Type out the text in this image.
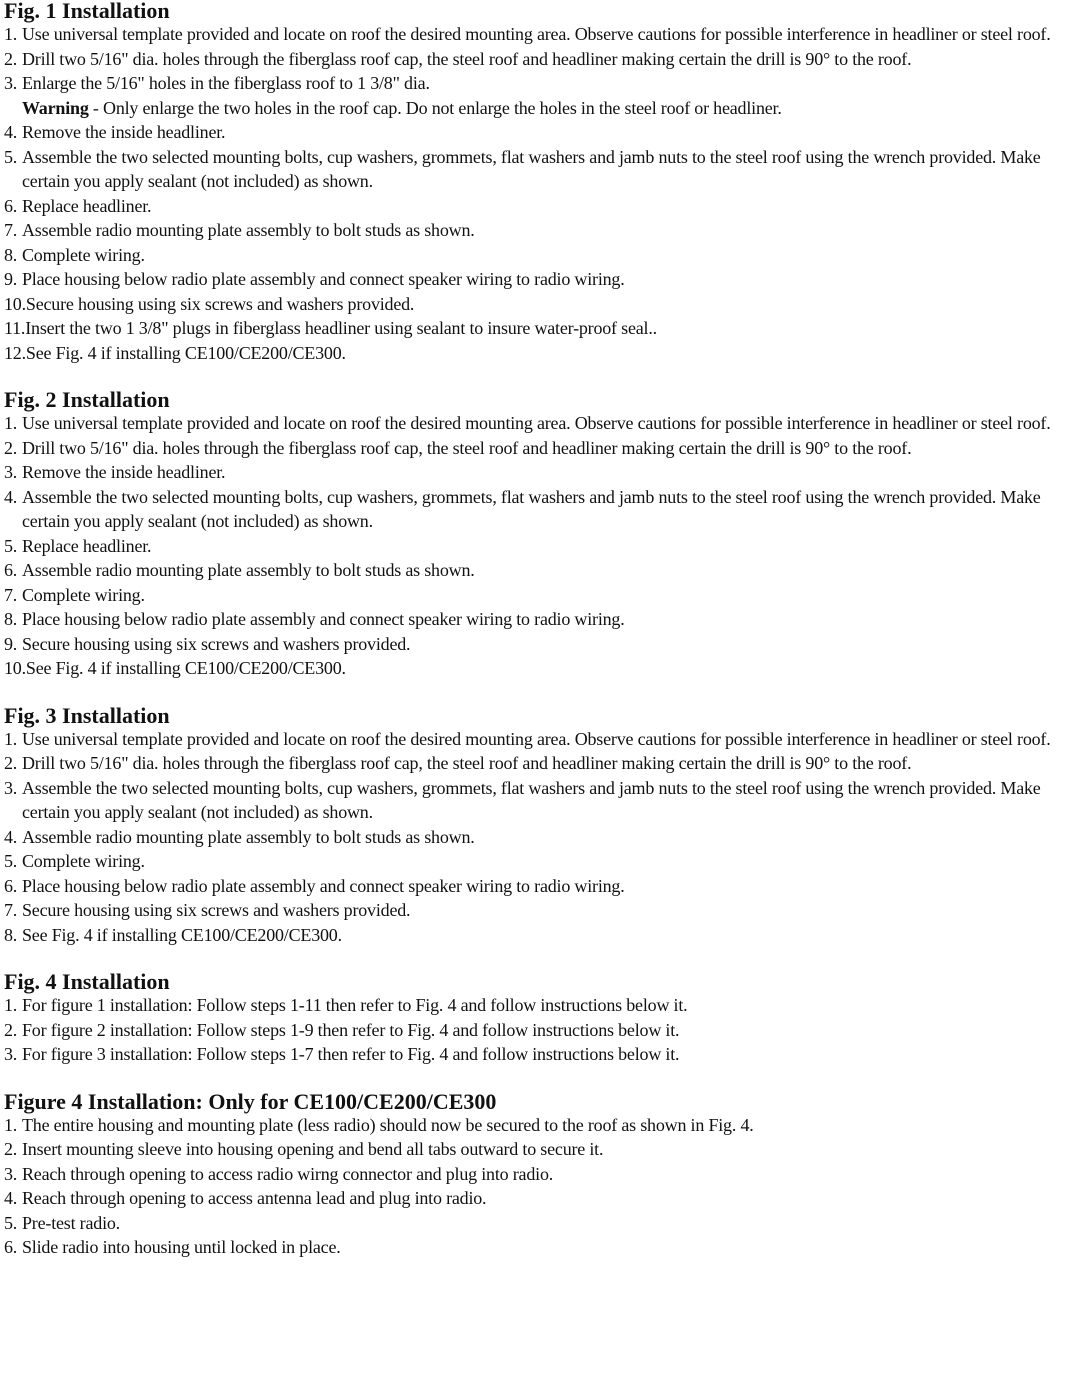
Fig. 1 Installation
1. Use universal template provided and locate on roof the desired mounting area. Observe cautions for possible interference in headliner or steel roof.
2. Drill two 5/16" dia. holes through the fiberglass roof cap, the steel roof and headliner making certain the drill is 90° to the roof.
3. Enlarge the 5/16" holes in the fiberglass roof to 1 3/8" dia.
Warning - Only enlarge the two holes in the roof cap. Do not enlarge the holes in the steel roof or headliner.
4. Remove the inside headliner.
5. Assemble the two selected mounting bolts, cup washers, grommets, flat washers and jamb nuts to the steel roof using the wrench provided. Make certain you apply sealant (not included) as shown.
6. Replace headliner.
7. Assemble radio mounting plate assembly to bolt studs as shown.
8. Complete wiring.
9. Place housing below radio plate assembly and connect speaker wiring to radio wiring.
10. Secure housing using six screws and washers provided.
11. Insert the two 1 3/8" plugs in fiberglass headliner using sealant to insure water-proof seal..
12. See Fig. 4 if installing CE100/CE200/CE300.
Fig. 2 Installation
1. Use universal template provided and locate on roof the desired mounting area. Observe cautions for possible interference in headliner or steel roof.
2. Drill two 5/16" dia. holes through the fiberglass roof cap, the steel roof and headliner making certain the drill is 90° to the roof.
3. Remove the inside headliner.
4. Assemble the two selected mounting bolts, cup washers, grommets, flat washers and jamb nuts to the steel roof using the wrench provided. Make certain you apply sealant (not included) as shown.
5. Replace headliner.
6. Assemble radio mounting plate assembly to bolt studs as shown.
7. Complete wiring.
8. Place housing below radio plate assembly and connect speaker wiring to radio wiring.
9. Secure housing using six screws and washers provided.
10. See Fig. 4 if installing CE100/CE200/CE300.
Fig. 3 Installation
1. Use universal template provided and locate on roof the desired mounting area. Observe cautions for possible interference in headliner or steel roof.
2. Drill two 5/16" dia. holes through the fiberglass roof cap, the steel roof and headliner making certain the drill is 90° to the roof.
3. Assemble the two selected mounting bolts, cup washers, grommets, flat washers and jamb nuts to the steel roof using the wrench provided. Make certain you apply sealant (not included) as shown.
4. Assemble radio mounting plate assembly to bolt studs as shown.
5. Complete wiring.
6. Place housing below radio plate assembly and connect speaker wiring to radio wiring.
7. Secure housing using six screws and washers provided.
8. See Fig. 4 if installing CE100/CE200/CE300.
Fig. 4 Installation
1. For figure 1 installation: Follow steps 1-11 then refer to Fig. 4 and follow instructions below it.
2. For figure 2 installation: Follow steps 1-9 then refer to Fig. 4 and follow instructions below it.
3. For figure 3 installation: Follow steps 1-7 then refer to Fig. 4 and follow instructions below it.
Figure 4 Installation: Only for CE100/CE200/CE300
1. The entire housing and mounting plate (less radio) should now be secured to the roof as shown in Fig. 4.
2. Insert mounting sleeve into housing opening and bend all tabs outward to secure it.
3. Reach through opening to access radio wirng connector and plug into radio.
4. Reach through opening to access antenna lead and plug into radio.
5. Pre-test radio.
6. Slide radio into housing until locked in place.
